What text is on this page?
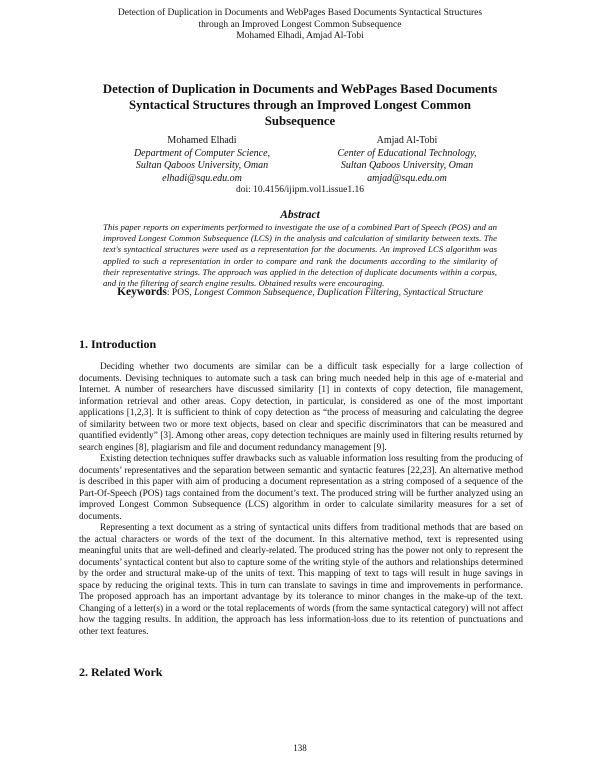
Detection of Duplication in Documents and WebPages Based Documents Syntactical Structures
through an Improved Longest Common Subsequence
Mohamed Elhadi, Amjad Al-Tobi
Detection of Duplication in Documents and WebPages Based Documents
Syntactical Structures through an Improved Longest Common
Subsequence
Mohamed Elhadi
Department of Computer Science,
Sultan Qaboos University, Oman
elhadi@squ.edu.om
Amjad Al-Tobi
Center of Educational Technology,
Sultan Qaboos University, Oman
amjad@squ.edu.om
doi: 10.4156/ijipm.vol1.issue1.16
Abstract
This paper reports on experiments performed to investigate the use of a combined Part of Speech (POS) and an improved Longest Common Subsequence (LCS) in the analysis and calculation of similarity between texts. The text's syntactical structures were used as a representation for the documents. An improved LCS algorithm was applied to such a representation in order to compare and rank the documents according to the similarity of their representative strings. The approach was applied in the detection of duplicate documents within a corpus, and in the filtering of search engine results. Obtained results were encouraging.
Keywords: POS, Longest Common Subsequence, Duplication Filtering, Syntactical Structure
1. Introduction

Deciding whether two documents are similar can be a difficult task especially for a large collection of documents. Devising techniques to automate such a task can bring much needed help in this age of e-material and Internet. A number of researchers have discussed similarity [1] in contexts of copy detection, file management, information retrieval and other areas. Copy detection, in particular, is considered as one of the most important applications [1,2,3]. It is sufficient to think of copy detection as “the process of measuring and calculating the degree of similarity between two or more text objects, based on clear and specific discriminators that can be measured and quantified evidently” [3]. Among other areas, copy detection techniques are mainly used in filtering results returned by search engines [8], plagiarism and file and document redundancy management [9].

Existing detection techniques suffer drawbacks such as valuable information loss resulting from the producing of documents’ representatives and the separation between semantic and syntactic features [22,23]. An alternative method is described in this paper with aim of producing a document representation as a string composed of a sequence of the Part-Of-Speech (POS) tags contained from the document’s text. The produced string will be further analyzed using an improved Longest Common Subsequence (LCS) algorithm in order to calculate similarity measures for a set of documents.

Representing a text document as a string of syntactical units differs from traditional methods that are based on the actual characters or words of the text of the document. In this alternative method, text is represented using meaningful units that are well-defined and clearly-related. The produced string has the power not only to represent the documents’ syntactical content but also to capture some of the writing style of the authors and relationships determined by the order and structural make-up of the units of text. This mapping of text to tags will result in huge savings in space by reducing the original texts. This in turn can translate to savings in time and improvements in performance. The proposed approach has an important advantage by its tolerance to minor changes in the make-up of the text. Changing of a letter(s) in a word or the total replacements of words (from the same syntactical category) will not affect how the tagging results. In addition, the approach has less information-loss due to its retention of punctuations and other text features.

2. Related Work
138
